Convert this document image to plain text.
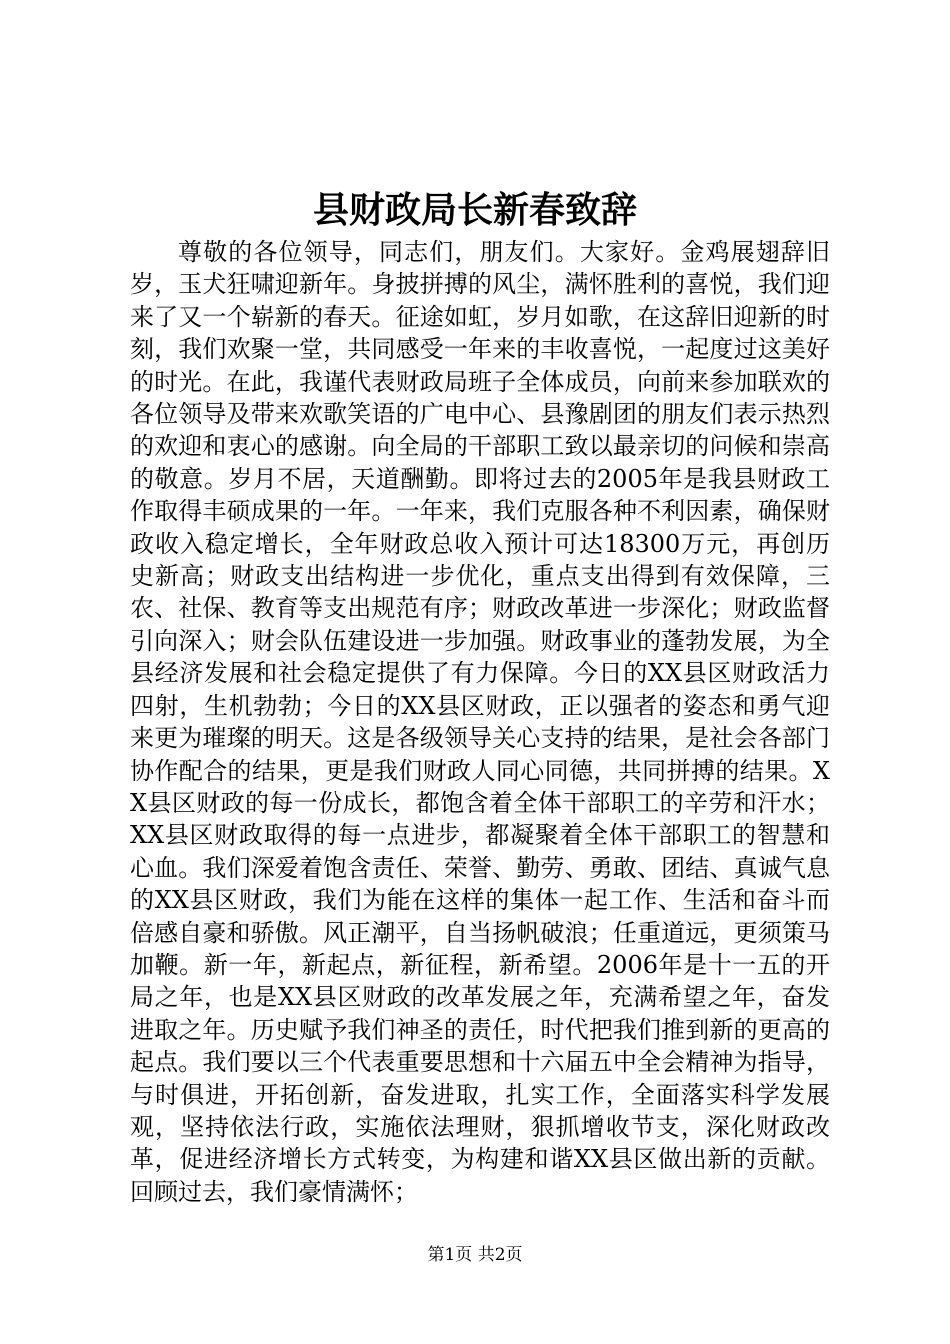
县财政局长新春致辞

尊敬的各位领导，同志们，朋友们。大家好。金鸡展翅辞旧岁，玉犬狂啸迎新年。身披拼搏的风尘，满怀胜利的喜悦，我们迎来了又一个崭新的春天。征途如虹，岁月如歌，在这辞旧迎新的时刻，我们欢聚一堂，共同感受一年来的丰收喜悦，一起度过这美好的时光。在此，我谨代表财政局班子全体成员，向前来参加联欢的各位领导及带来欢歌笑语的广电中心、县豫剧团的朋友们表示热烈的欢迎和衷心的感谢。向全局的干部职工致以最亲切的问候和崇高的敬意。岁月不居，天道酬勤。即将过去的2005年是我县财政工作取得丰硕成果的一年。一年来，我们克服各种不利因素，确保财政收入稳定增长，全年财政总收入预计可达18300万元，再创历史新高；财政支出结构进一步优化，重点支出得到有效保障，三农、社保、教育等支出规范有序；财政改革进一步深化；财政监督引向深入；财会队伍建设进一步加强。财政事业的蓬勃发展，为全县经济发展和社会稳定提供了有力保障。今日的XX县区财政活力四射，生机勃勃；今日的XX县区财政，正以强者的姿态和勇气迎来更为璀璨的明天。这是各级领导关心支持的结果，是社会各部门协作配合的结果，更是我们财政人同心同德，共同拼搏的结果。XX县区财政的每一份成长，都饱含着全体干部职工的辛劳和汗水；XX县区财政取得的每一点进步，都凝聚着全体干部职工的智慧和心血。我们深爱着饱含责任、荣誉、勤劳、勇敢、团结、真诚气息的XX县区财政，我们为能在这样的集体一起工作、生活和奋斗而倍感自豪和骄傲。风正潮平，自当扬帆破浪；任重道远，更须策马加鞭。新一年，新起点，新征程，新希望。2006年是十一五的开局之年，也是XX县区财政的改革发展之年，充满希望之年，奋发进取之年。历史赋予我们神圣的责任，时代把我们推到新的更高的起点。我们要以三个代表重要思想和十六届五中全会精神为指导，与时俱进，开拓创新，奋发进取，扎实工作，全面落实科学发展观，坚持依法行政，实施依法理财，狠抓增收节支，深化财政改革，促进经济增长方式转变，为构建和谐XX县区做出新的贡献。回顾过去，我们豪情满怀；

第1页 共2页
